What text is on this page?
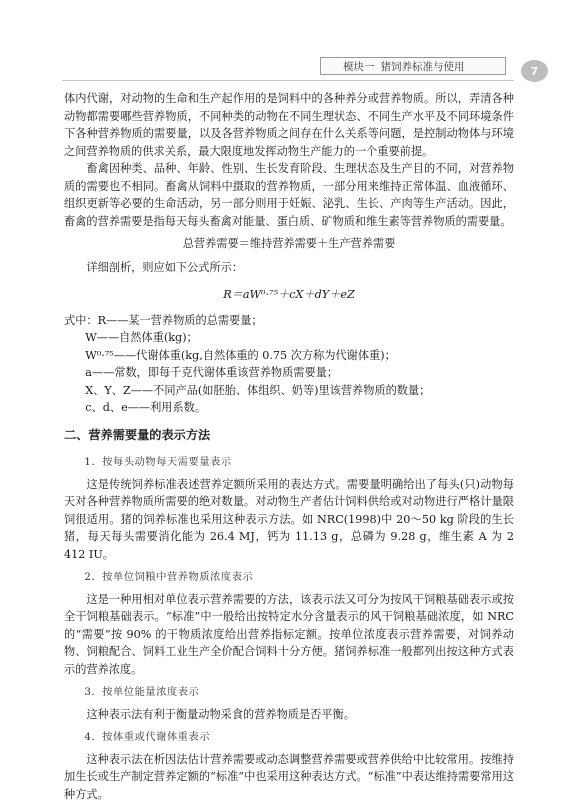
模块一 猪饲养标准与使用	7

体内代谢，对动物的生命和生产起作用的是饲料中的各种养分或营养物质。所以，弄清各种动物都需要哪些营养物质，不同种类的动物在不同生理状态、不同生产水平及不同环境条件下各种营养物质的需要量，以及各营养物质之间存在什么关系等问题，是控制动物体与环境之间营养物质的供求关系，最大限度地发挥动物生产能力的一个重要前提。

畜禽因种类、品种、年龄、性别、生长发育阶段、生理状态及生产目的不同，对营养物质的需要也不相同。畜禽从饲料中摄取的营养物质，一部分用来维持正常体温、血液循环、组织更新等必要的生命活动，另一部分则用于妊娠、泌乳、生长、产肉等生产活动。因此，畜禽的营养需要是指每天每头畜禽对能量、蛋白质、矿物质和维生素等营养物质的需要量。

总营养需要＝维持营养需要＋生产营养需要

详细剖析，则应如下公式所示：

R＝aW⁰·⁷⁵＋cX＋dY＋eZ

式中：R——某一营养物质的总需要量；

W——自然体重(kg)；

W⁰·⁷⁵——代谢体重(kg,自然体重的 0.75 次方称为代谢体重)；

a——常数，即每千克代谢体重该营养物质需要量；

X、Y、Z——不同产品(如胚胎、体组织、奶等)里该营养物质的数量；

c、d、e——利用系数。

二、营养需要量的表示方法

1．按每头动物每天需要量表示

这是传统饲养标准表述营养定额所采用的表达方式。需要量明确给出了每头(只)动物每天对各种营养物质所需要的绝对数量。对动物生产者估计饲料供给或对动物进行严格计量限饲很适用。猪的饲养标准也采用这种表示方法。如 NRC(1998)中 20～50 kg 阶段的生长猪，每天每头需要消化能为 26.4 MJ，钙为 11.13 g，总磷为 9.28 g，维生素 A 为 2 412 IU。

2．按单位饲粮中营养物质浓度表示

这是一种用相对单位表示营养需要的方法，该表示法又可分为按风干饲粮基础表示或按全干饲粮基础表示。“标准”中一般给出按特定水分含量表示的风干饲粮基础浓度，如 NRC 的“需要”按 90% 的干物质浓度给出营养指标定额。按单位浓度表示营养需要，对饲养动物、饲粮配合、饲料工业生产全价配合饲料十分方便。猪饲养标准一般都列出按这种方式表示的营养浓度。

3．按单位能量浓度表示

这种表示法有利于衡量动物采食的营养物质是否平衡。

4．按体重或代谢体重表示

这种表示法在析因法估计营养需要或动态调整营养需要或营养供给中比较常用。按维持加生长或生产制定营养定额的“标准”中也采用这种表达方式。“标准”中表达维持需要常用这种方式。
